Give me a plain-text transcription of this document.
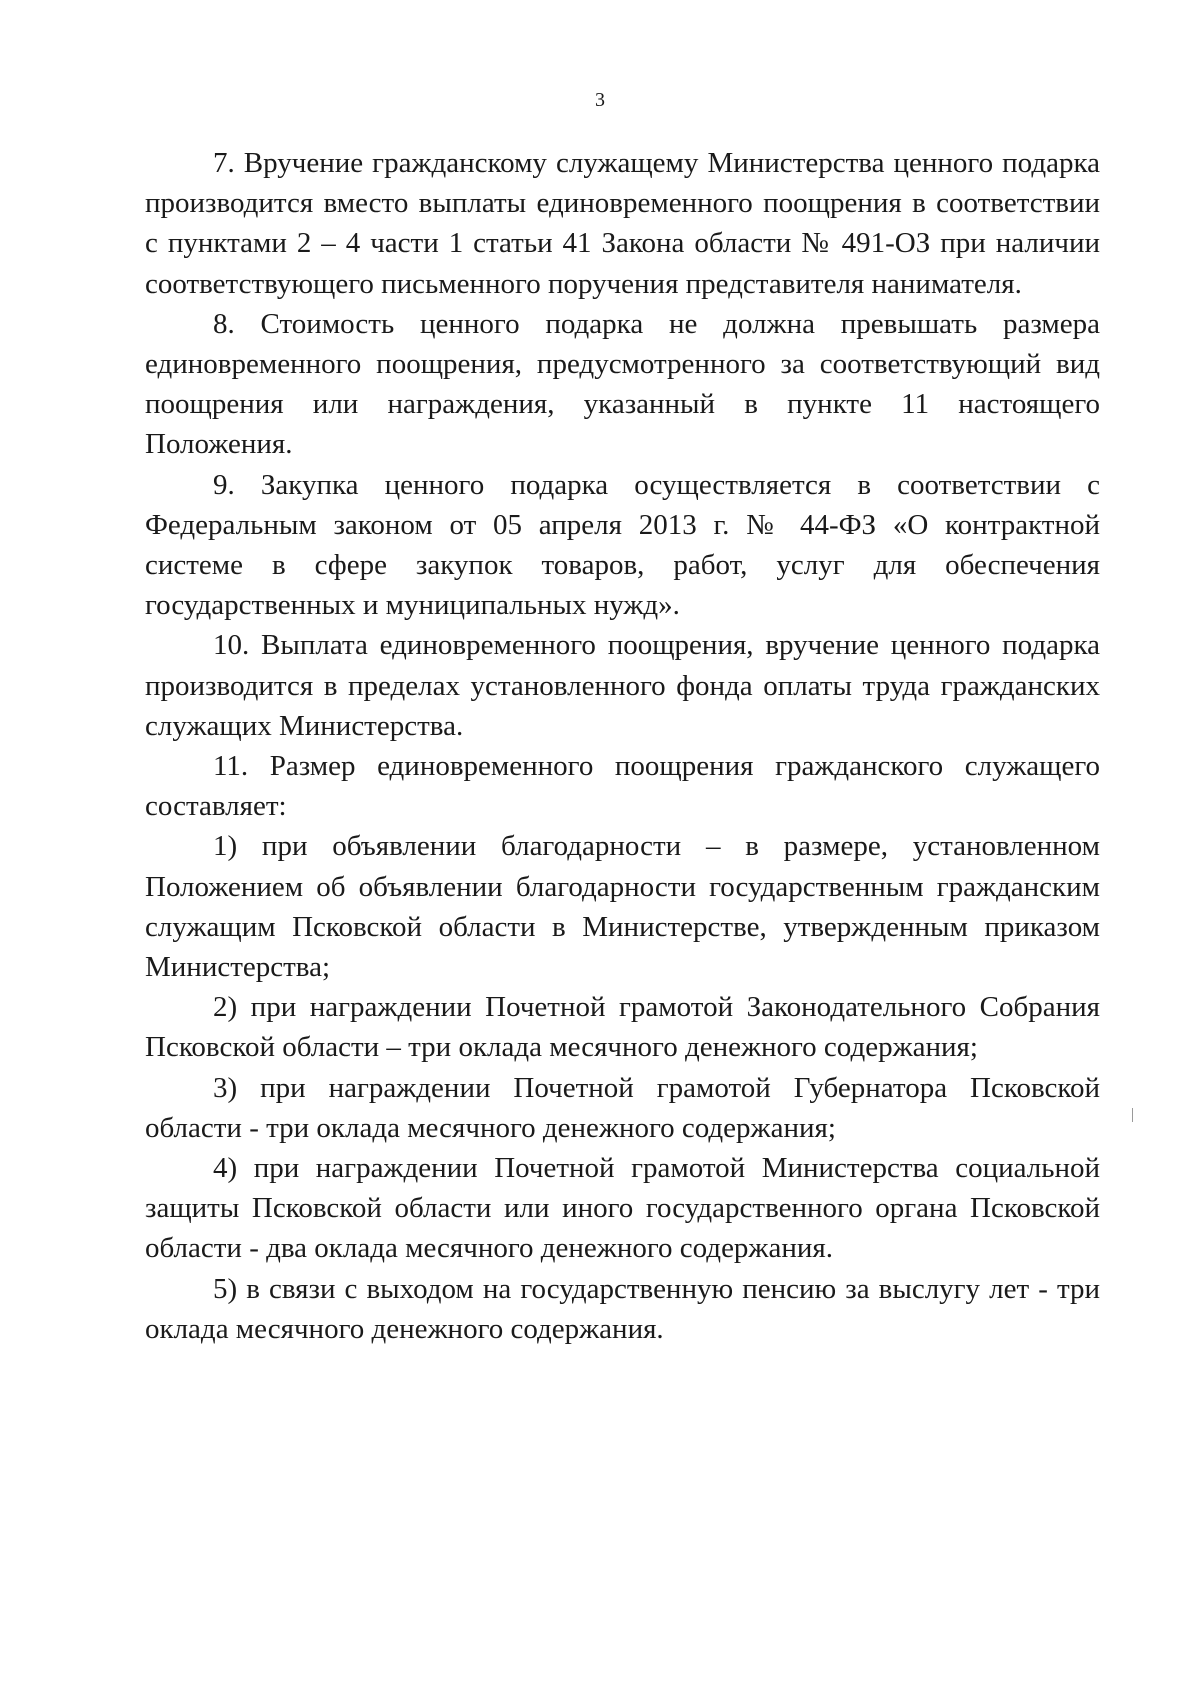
3

7. Вручение гражданскому служащему Министерства ценного подарка производится вместо выплаты единовременного поощрения в соответствии с пунктами 2 – 4 части 1 статьи 41 Закона области № 491-ОЗ при наличии соответствующего письменного поручения представителя нанимателя.

8. Стоимость ценного подарка не должна превышать размера единовременного поощрения, предусмотренного за соответствующий вид поощрения или награждения, указанный в пункте 11 настоящего Положения.

9. Закупка ценного подарка осуществляется в соответствии с Федеральным законом от 05 апреля 2013 г. № 44-ФЗ «О контрактной системе в сфере закупок товаров, работ, услуг для обеспечения государственных и муниципальных нужд».

10. Выплата единовременного поощрения, вручение ценного подарка производится в пределах установленного фонда оплаты труда гражданских служащих Министерства.

11. Размер единовременного поощрения гражданского служащего составляет:

1) при объявлении благодарности – в размере, установленном Положением об объявлении благодарности государственным гражданским служащим Псковской области в Министерстве, утвержденным приказом Министерства;

2) при награждении Почетной грамотой Законодательного Собрания Псковской области – три оклада месячного денежного содержания;

3) при награждении Почетной грамотой Губернатора Псковской области - три оклада месячного денежного содержания;

4) при награждении Почетной грамотой Министерства социальной защиты Псковской области или иного государственного органа Псковской области - два оклада месячного денежного содержания.

5) в связи с выходом на государственную пенсию за выслугу лет - три оклада месячного денежного содержания.
